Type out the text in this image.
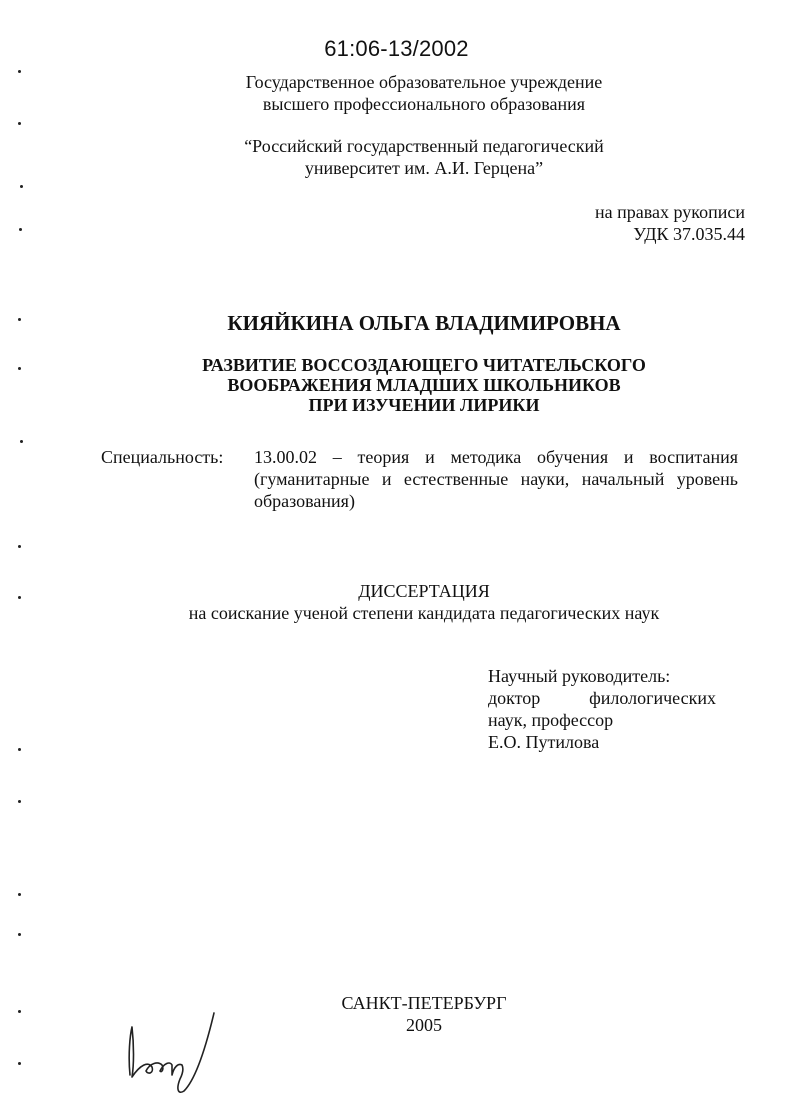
61:06-13/2002
Государственное образовательное учреждение
высшего профессионального образования
“Российский государственный педагогический
университет им. А.И. Герцена”
на правах рукописи
УДК 37.035.44
КИЯЙКИНА ОЛЬГА ВЛАДИМИРОВНА
РАЗВИТИЕ ВОССОЗДАЮЩЕГО ЧИТАТЕЛЬСКОГО
ВООБРАЖЕНИЯ МЛАДШИХ ШКОЛЬНИКОВ
ПРИ ИЗУЧЕНИИ ЛИРИКИ
Специальность: 13.00.02 – теория и методика обучения и воспитания
(гуманитарные и естественные науки, начальный уровень
образования)
ДИССЕРТАЦИЯ
на соискание ученой степени кандидата педагогических наук
Научный руководитель:
доктор филологических
наук, профессор
Е.О. Путилова
САНКТ-ПЕТЕРБУРГ
2005
